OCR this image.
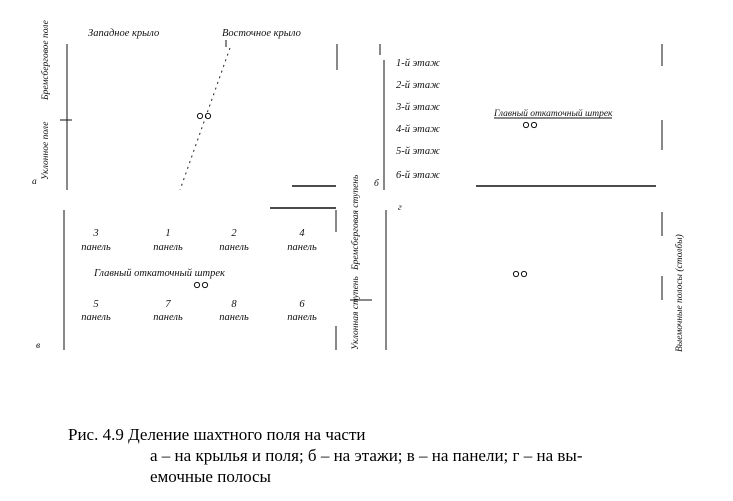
Западное крыло	Восточное крыло
Бремсберговое поле
Уклонное поле
а
1-й этаж
2-й этаж
3-й этаж
4-й этаж
5-й этаж
6-й этаж
Главный откаточный штрек
б
3
панель
1
панель
2
панель
4
панель
Главный откаточный штрек
5
панель
7
панель
8
панель
6
панель
в
Бремсберговая ступень
Уклонная ступень	Выемочные полосы (столбы)
г
Рис. 4.9 Деление шахтного поля на части
а – на крылья и поля; б – на этажи; в – на панели; г – на вы-
емочные полосы
